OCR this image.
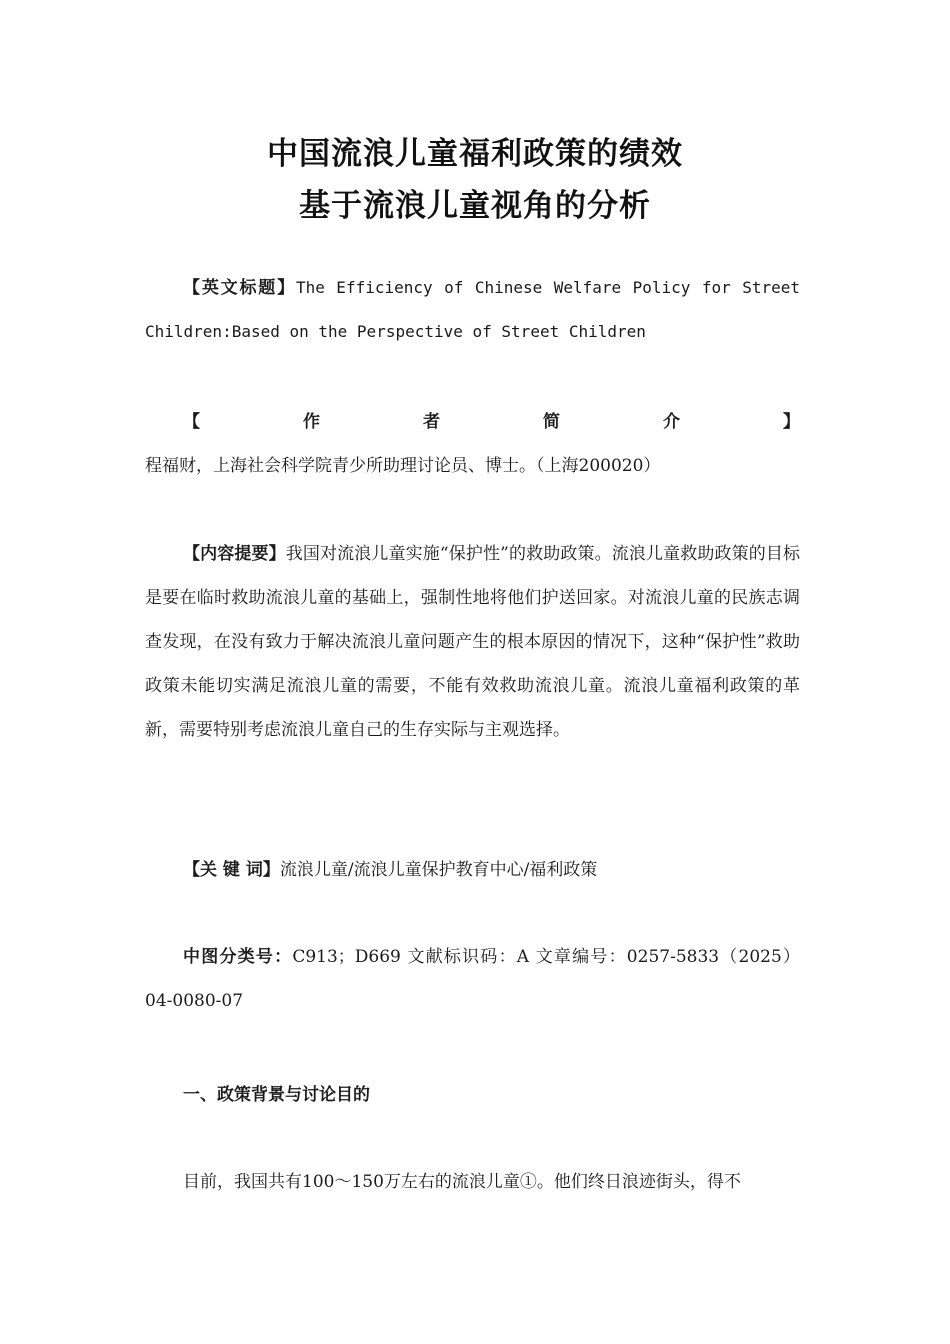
中国流浪儿童福利政策的绩效
基于流浪儿童视角的分析
【英文标题】The Efficiency of Chinese Welfare Policy for Street Children:Based on the Perspective of Street Children
【作者简介】程福财，上海社会科学院青少所助理讨论员、博士。（上海200020）
【内容提要】我国对流浪儿童实施“保护性”的救助政策。流浪儿童救助政策的目标是要在临时救助流浪儿童的基础上，强制性地将他们护送回家。对流浪儿童的民族志调查发现，在没有致力于解决流浪儿童问题产生的根本原因的情况下，这种“保护性”救助政策未能切实满足流浪儿童的需要，不能有效救助流浪儿童。流浪儿童福利政策的革新，需要特别考虑流浪儿童自己的生存实际与主观选择。
【关 键 词】流浪儿童/流浪儿童保护教育中心/福利政策
中图分类号：C913；D669 文献标识码：A 文章编号：0257-5833（2025）04-0080-07
一、政策背景与讨论目的
目前，我国共有100～150万左右的流浪儿童①。他们终日浪迹街头，得不
